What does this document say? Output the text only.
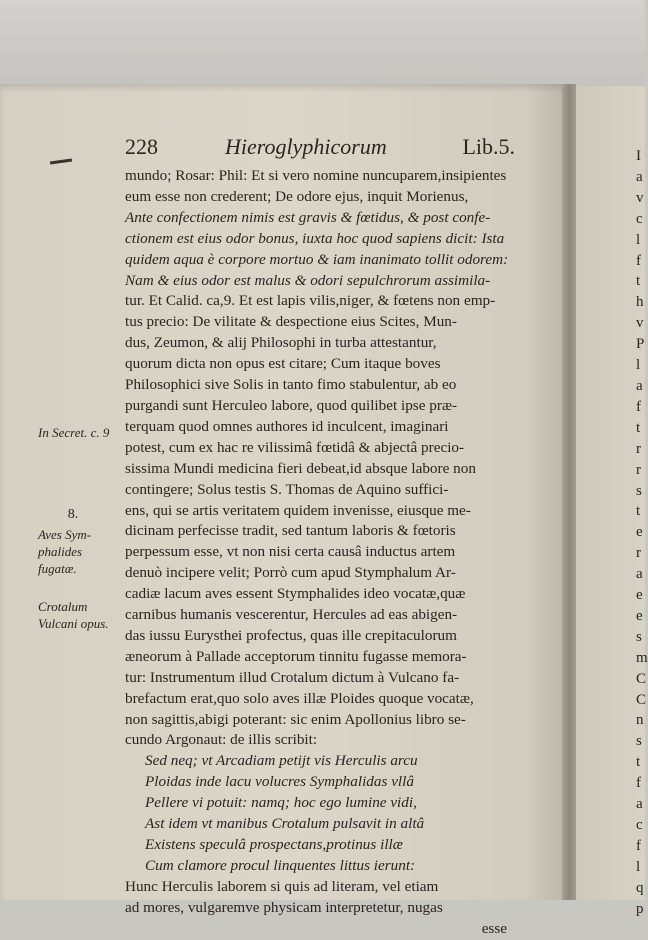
I
a
v
c
l
f
t
h
v
P
l
a
f
t
r
r
s
t
e
r
a
e
e
s
m
C
C
n
s
t
f
a
c
f
l
q
p
228	Hieroglyphicorum	Lib.5.
mundo; Rosar: Phil: Et si vero nomine nuncuparem,insipientes
eum esse non crederent; De odore ejus, inquit Morienus,
Ante confectionem nimis est gravis & fœtidus, & post confe-
ctionem est eius odor bonus, iuxta hoc quod sapiens dicit: Ista
quidem aqua è corpore mortuo & iam inanimato tollit odorem:
Nam & eius odor est malus & odori sepulchrorum assimila-
tur. Et Calid. ca,9. Et est lapis vilis,niger, & fœtens non emp-
tus precio: De vilitate & despectione eius Scites, Mun-
dus, Zeumon, & alij Philosophi in turba attestantur,
quorum dicta non opus est citare; Cum itaque boves
Philosophici sive Solis in tanto fimo stabulentur, ab eo
purgandi sunt Herculeo labore, quod quilibet ipse præ-
terquam quod omnes authores id inculcent, imaginari
potest, cum ex hac re vilissimâ fœtidâ & abjectâ precio-
sissima Mundi medicina fieri debeat,id absque labore non
contingere; Solus testis S. Thomas de Aquino suffici-
ens, qui se artis veritatem quidem invenisse, eiusque me-
dicinam perfecisse tradit, sed tantum laboris & fœtoris
perpessum esse, vt non nisi certa causâ inductus artem
denuò incipere velit; Porrò cum apud Stymphalum Ar-
cadiæ lacum aves essent Stymphalides ideo vocatæ,quæ
carnibus humanis vescerentur, Hercules ad eas abigen-
das iussu Eurysthei profectus, quas ille crepitaculorum
æneorum à Pallade acceptorum tinnitu fugasse memora-
tur: Instrumentum illud Crotalum dictum à Vulcano fa-
brefactum erat,quo solo aves illæ Ploides quoque vocatæ,
non sagittis,abigi poterant: sic enim Apollonius libro se-
cundo Argonaut: de illis scribit:
Sed neq; vt Arcadiam petijt vis Herculis arcu
Ploidas inde lacu volucres Symphalidas vllâ
Pellere vi potuit: namq; hoc ego lumine vidi,
Ast idem vt manibus Crotalum pulsavit in altâ
Existens speculâ prospectans,protinus illæ
Cum clamore procul linquentes littus ierunt:
Hunc Herculis laborem si quis ad literam, vel etiam
ad mores, vulgaremve physicam interpretetur, nugas
esse
In Secret. c. 9
8.
Aves Sym-
phalides
fugatæ.
Crotalum
Vulcani opus.
